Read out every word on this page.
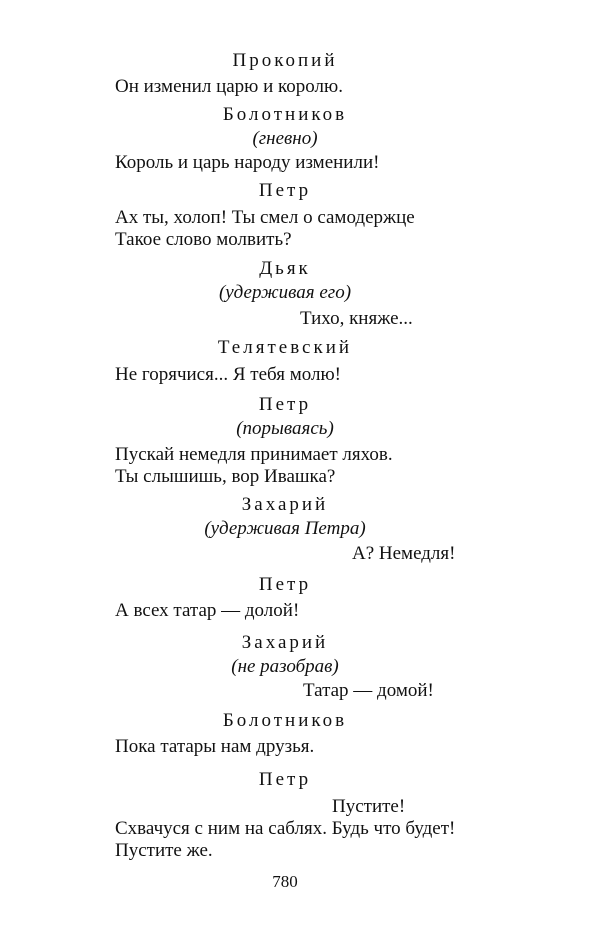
Прокопий
Он изменил царю и королю.
Болотников
(гневно)
Король и царь народу изменили!
Петр
Ах ты, холоп! Ты смел о самодержце
Такое слово молвить?
Дьяк
(удерживая его)
Тихо, княже...
Телятевский
Не горячися... Я тебя молю!
Петр
(порываясь)
Пускай немедля принимает ляхов.
Ты слышишь, вор Ивашка?
Захарий
(удерживая Петра)
А? Немедля!
Петр
А всех татар — долой!
Захарий
(не разобрав)
Татар — домой!
Болотников
Пока татары нам друзья.
Петр
Пустите!
Схвачуся с ним на саблях. Будь что будет!
Пустите же.
780
